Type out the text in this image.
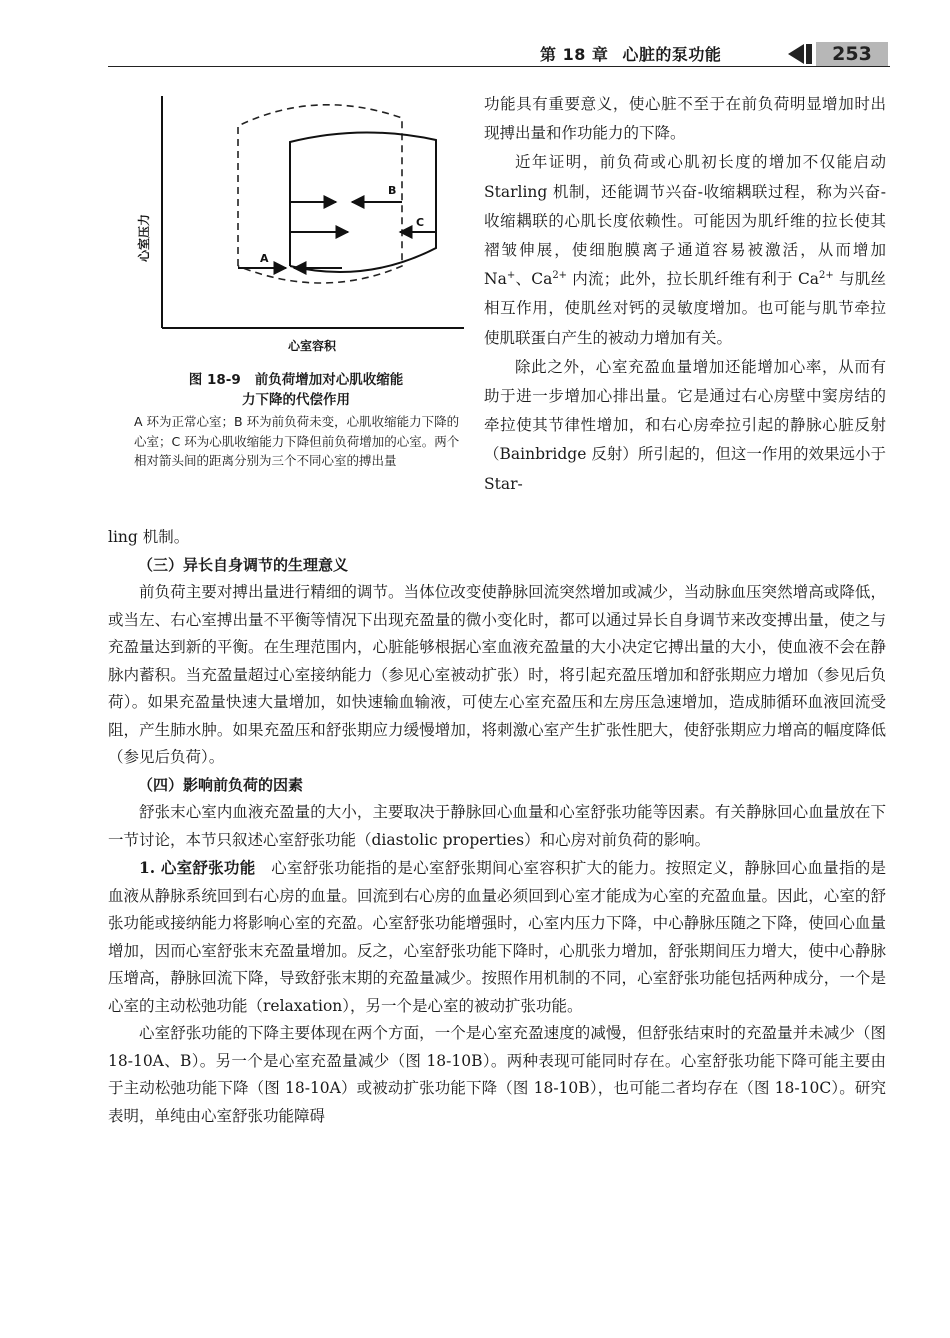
第 18 章 心脏的泵功能	253
心室压力	A
B
C
心室容积
图 18-9 前负荷增加对心肌收缩能
力下降的代偿作用
A 环为正常心室；B 环为前负荷未变，心肌收缩能力下降的心室；C 环为心肌收缩能力下降但前负荷增加的心室。两个相对箭头间的距离分别为三个不同心室的搏出量

功能具有重要意义，使心脏不至于在前负荷明显增加时出现搏出量和作功能力的下降。

近年证明，前负荷或心肌初长度的增加不仅能启动 Starling 机制，还能调节兴奋-收缩耦联过程，称为兴奋-收缩耦联的心肌长度依赖性。可能因为肌纤维的拉长使其褶皱伸展，使细胞膜离子通道容易被激活，从而增加 Na+、$Ca^{2+}$ 内流；此外，拉长肌纤维有利于 $Ca^{2+}$ 与肌丝相互作用，使肌丝对钙的灵敏度增加。也可能与肌节牵拉使肌联蛋白产生的被动力增加有关。

除此之外，心室充盈血量增加还能增加心率，从而有助于进一步增加心排出量。它是通过右心房壁中窦房结的牵拉使其节律性增加，和右心房牵拉引起的静脉心脏反射（Bainbridge 反射）所引起的，但这一作用的效果远小于 Star-

ling 机制。

（三）异长自身调节的生理意义

前负荷主要对搏出量进行精细的调节。当体位改变使静脉回流突然增加或减少，当动脉血压突然增高或降低，或当左、右心室搏出量不平衡等情况下出现充盈量的微小变化时，都可以通过异长自身调节来改变搏出量，使之与充盈量达到新的平衡。在生理范围内，心脏能够根据心室血液充盈量的大小决定它搏出量的大小，使血液不会在静脉内蓄积。当充盈量超过心室接纳能力（参见心室被动扩张）时，将引起充盈压增加和舒张期应力增加（参见后负荷）。如果充盈量快速大量增加，如快速输血输液，可使左心室充盈压和左房压急速增加，造成肺循环血液回流受阻，产生肺水肿。如果充盈压和舒张期应力缓慢增加，将刺激心室产生扩张性肥大，使舒张期应力增高的幅度降低（参见后负荷）。

（四）影响前负荷的因素

舒张末心室内血液充盈量的大小，主要取决于静脉回心血量和心室舒张功能等因素。有关静脉回心血量放在下一节讨论，本节只叙述心室舒张功能（diastolic properties）和心房对前负荷的影响。

1. 心室舒张功能　 心室舒张功能指的是心室舒张期间心室容积扩大的能力。按照定义，静脉回心血量指的是血液从静脉系统回到右心房的血量。回流到右心房的血量必须回到心室才能成为心室的充盈血量。因此，心室的舒张功能或接纳能力将影响心室的充盈。心室舒张功能增强时，心室内压力下降，中心静脉压随之下降，使回心血量增加，因而心室舒张末充盈量增加。反之，心室舒张功能下降时，心肌张力增加，舒张期间压力增大，使中心静脉压增高，静脉回流下降，导致舒张末期的充盈量减少。按照作用机制的不同，心室舒张功能包括两种成分，一个是心室的主动松弛功能（relaxation），另一个是心室的被动扩张功能。

心室舒张功能的下降主要体现在两个方面，一个是心室充盈速度的减慢，但舒张结束时的充盈量并未减少（图 18-10A、B）。另一个是心室充盈量减少（图 18-10B）。两种表现可能同时存在。心室舒张功能下降可能主要由于主动松弛功能下降（图 18-10A）或被动扩张功能下降（图 18-10B），也可能二者均存在（图 18-10C）。研究表明，单纯由心室舒张功能障碍
